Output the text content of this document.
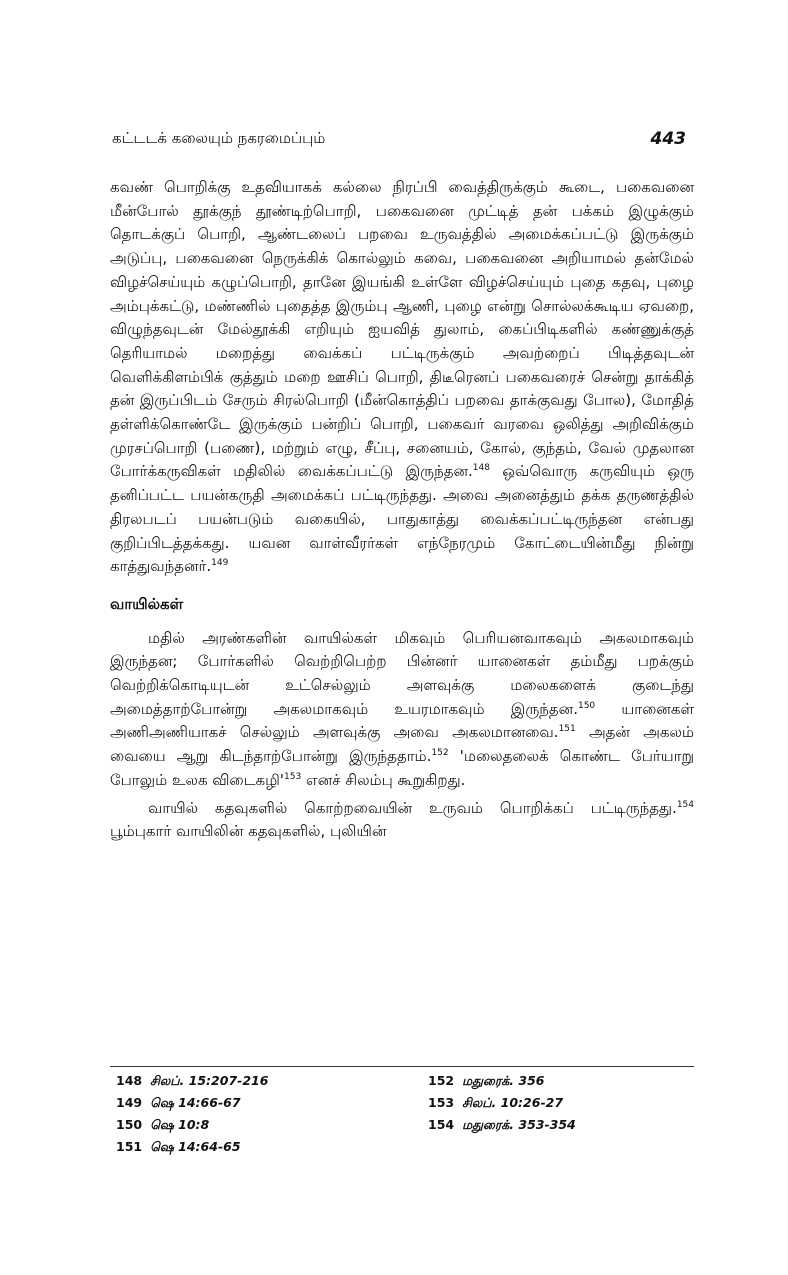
கட்டடக் கலையும் நகரமைப்பும்	443

கவண் பொறிக்கு உதவியாகக் கல்லை நிரப்பி வைத்திருக்கும் கூடை, பகைவனை மீன்போல் தூக்குந் தூண்டிற்பொறி, பகைவனை முட்டித் தன் பக்கம் இழுக்கும் தொடக்குப் பொறி, ஆண்டலைப் பறவை உருவத்தில் அமைக்கப்பட்டு இருக்கும் அடுப்பு, பகைவனை நெருக்கிக் கொல்லும் கவை, பகைவனை அறியாமல் தன்மேல் விழச்செய்யும் கழுப்பொறி, தானே இயங்கி உள்ளே விழச்செய்யும் புதை கதவு, புழை அம்புக்கட்டு, மண்ணில் புதைத்த இரும்பு ஆணி, புழை என்று சொல்லக்கூடிய ஏவறை, விழுந்தவுடன் மேல்தூக்கி எறியும் ஐயவித் துலாம், கைப்பிடிகளில் கண்ணுக்குத் தெரியாமல் மறைத்து வைக்கப் பட்டிருக்கும் அவற்றைப் பிடித்தவுடன் வெளிக்கிளம்பிக் குத்தும் மறை ஊசிப் பொறி, திடீரெனப் பகைவரைச் சென்று தாக்கித் தன் இருப்பிடம் சேரும் சிரல்பொறி (மீன்கொத்திப் பறவை தாக்குவது போல), மோதித் தள்ளிக்கொண்டே இருக்கும் பன்றிப் பொறி, பகைவர் வரவை ஒலித்து அறிவிக்கும் முரசப்பொறி (பணை), மற்றும் எழு, சீப்பு, சனையம், கோல், குந்தம், வேல் முதலான போர்க்கருவிகள் மதிலில் வைக்கப்பட்டு இருந்தன.$^{148}$ ஒவ்வொரு கருவியும் ஒரு தனிப்பட்ட பயன்கருதி அமைக்கப் பட்டிருந்தது. அவை அனைத்தும் தக்க தருணத்தில் திரலபடப் பயன்படும் வகையில், பாதுகாத்து வைக்கப்பட்டிருந்தன என்பது குறிப்பிடத்தக்கது. யவன வாள்வீரர்கள் எந்நேரமும் கோட்டையின்மீது நின்று காத்துவந்தனர்.$^{149}$

வாயில்கள்

மதில் அரண்களின் வாயில்கள் மிகவும் பெரியனவாகவும் அகலமாகவும் இருந்தன; போர்களில் வெற்றிபெற்ற பின்னர் யானைகள் தம்மீது பறக்கும் வெற்றிக்கொடியுடன் உட்செல்லும் அளவுக்கு மலைகளைக் குடைந்து அமைத்தாற்போன்று அகலமாகவும் உயரமாகவும் இருந்தன.$^{150}$ யானைகள் அணிஅணியாகச் செல்லும் அளவுக்கு அவை அகலமானவை.$^{151}$ அதன் அகலம் வையை ஆறு கிடந்தாற்போன்று இருந்ததாம்.$^{152}$ 'மலைதலைக் கொண்ட பேர்யாறு போலும் உலக $விடைகழி'^{153}$ எனச் சிலம்பு கூறுகிறது.

வாயில் கதவுகளில் கொற்றவையின் உருவம் பொறிக்கப் பட்டிருந்தது.$^{154}$ பூம்புகார் வாயிலின் கதவுகளில், புலியின்

148 சிலப். 15:207-216	152 மதுரைக். 356
149 ஷெ 14:66-67	153 சிலப். 10:26-27
150 ஷெ 10:8	154 மதுரைக். 353-354
151 ஷெ 14:64-65
